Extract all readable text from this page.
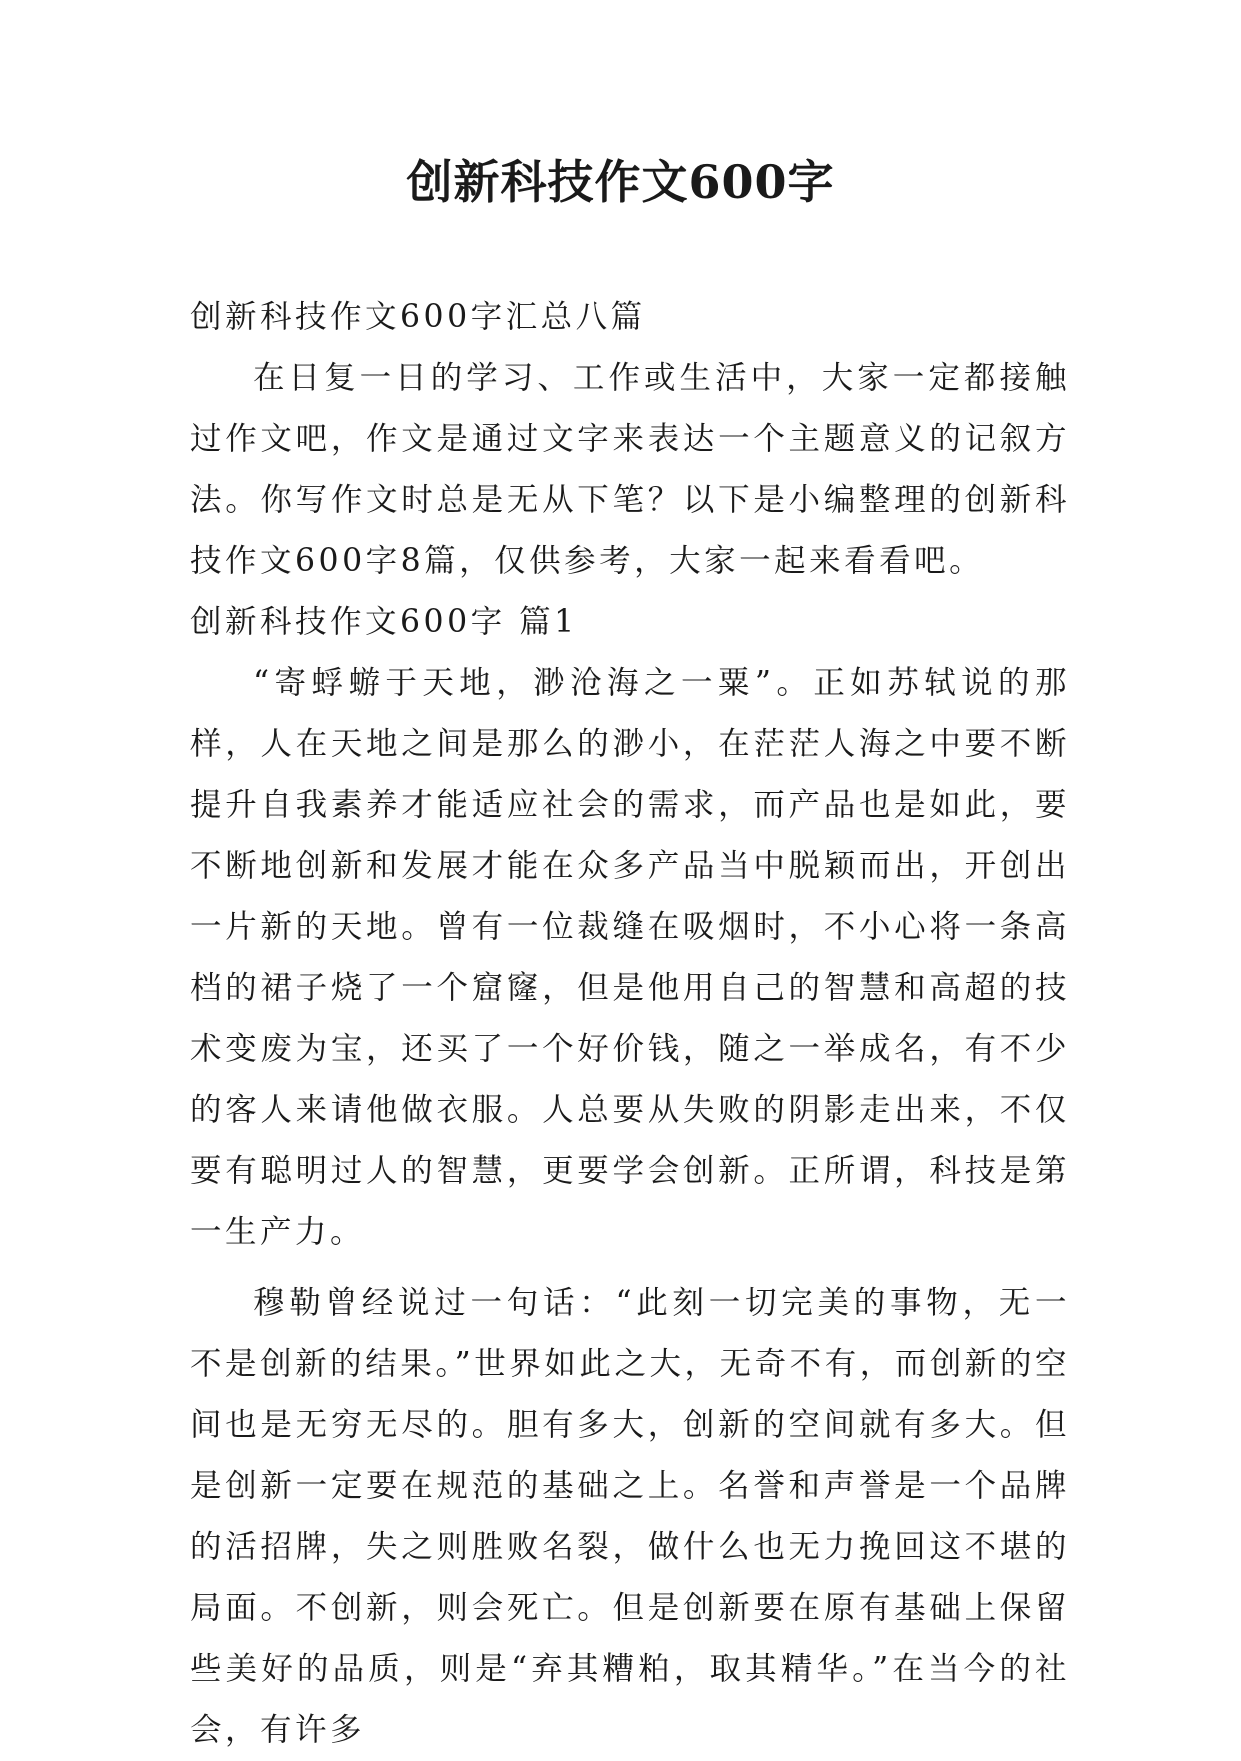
创新科技作文600字

创新科技作文600字汇总八篇

在日复一日的学习、工作或生活中，大家一定都接触过作文吧，作文是通过文字来表达一个主题意义的记叙方法。你写作文时总是无从下笔？以下是小编整理的创新科技作文600字8篇，仅供参考，大家一起来看看吧。

创新科技作文600字 篇1

“寄蜉蝣于天地，渺沧海之一粟”。正如苏轼说的那样，人在天地之间是那么的渺小，在茫茫人海之中要不断提升自我素养才能适应社会的需求，而产品也是如此，要不断地创新和发展才能在众多产品当中脱颖而出，开创出一片新的天地。曾有一位裁缝在吸烟时，不小心将一条高档的裙子烧了一个窟窿，但是他用自己的智慧和高超的技术变废为宝，还买了一个好价钱，随之一举成名，有不少的客人来请他做衣服。人总要从失败的阴影走出来，不仅要有聪明过人的智慧，更要学会创新。正所谓，科技是第一生产力。

穆勒曾经说过一句话：“此刻一切完美的事物，无一不是创新的结果。”世界如此之大，无奇不有，而创新的空间也是无穷无尽的。胆有多大，创新的空间就有多大。但是创新一定要在规范的基础之上。名誉和声誉是一个品牌的活招牌，失之则胜败名裂，做什么也无力挽回这不堪的局面。不创新，则会死亡。但是创新要在原有基础上保留些美好的品质，则是“弃其糟粕，取其精华。”在当今的社会，有许多
